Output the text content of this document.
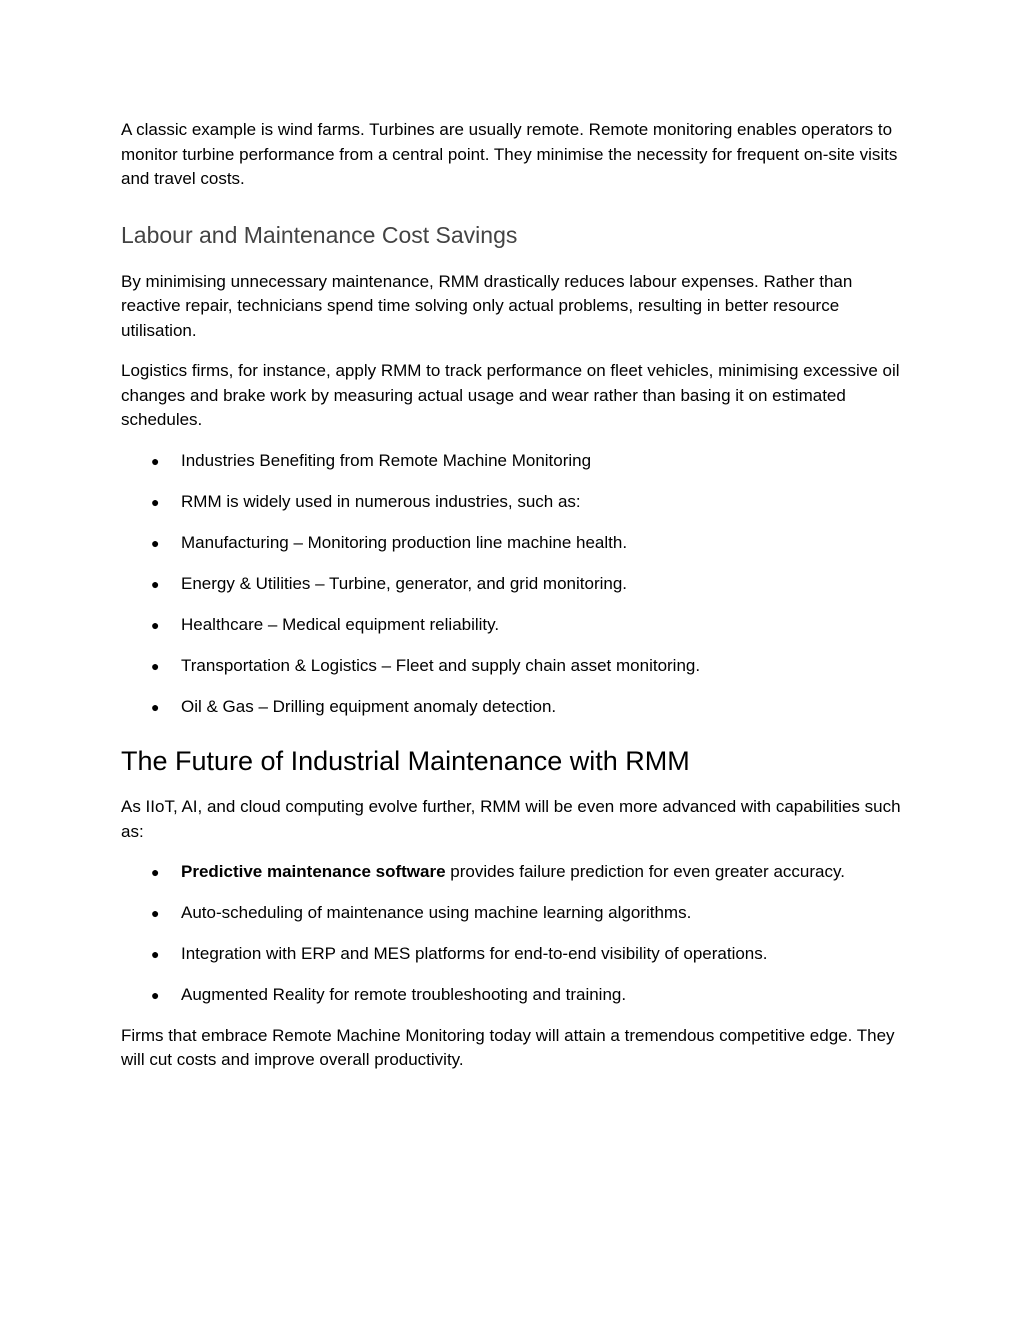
A classic example is wind farms. Turbines are usually remote. Remote monitoring enables operators to monitor turbine performance from a central point. They minimise the necessity for frequent on-site visits and travel costs.

Labour and Maintenance Cost Savings

By minimising unnecessary maintenance, RMM drastically reduces labour expenses. Rather than reactive repair, technicians spend time solving only actual problems, resulting in better resource utilisation.

Logistics firms, for instance, apply RMM to track performance on fleet vehicles, minimising excessive oil changes and brake work by measuring actual usage and wear rather than basing it on estimated schedules.

● Industries Benefiting from Remote Machine Monitoring
● RMM is widely used in numerous industries, such as:
● Manufacturing – Monitoring production line machine health.
● Energy & Utilities – Turbine, generator, and grid monitoring.
● Healthcare – Medical equipment reliability.
● Transportation & Logistics – Fleet and supply chain asset monitoring.
● Oil & Gas – Drilling equipment anomaly detection.
The Future of Industrial Maintenance with RMM

As IIoT, AI, and cloud computing evolve further, RMM will be even more advanced with capabilities such as:

● Predictive maintenance software provides failure prediction for even greater accuracy.
● Auto-scheduling of maintenance using machine learning algorithms.
● Integration with ERP and MES platforms for end-to-end visibility of operations.
● Augmented Reality for remote troubleshooting and training.

Firms that embrace Remote Machine Monitoring today will attain a tremendous competitive edge. They will cut costs and improve overall productivity.
